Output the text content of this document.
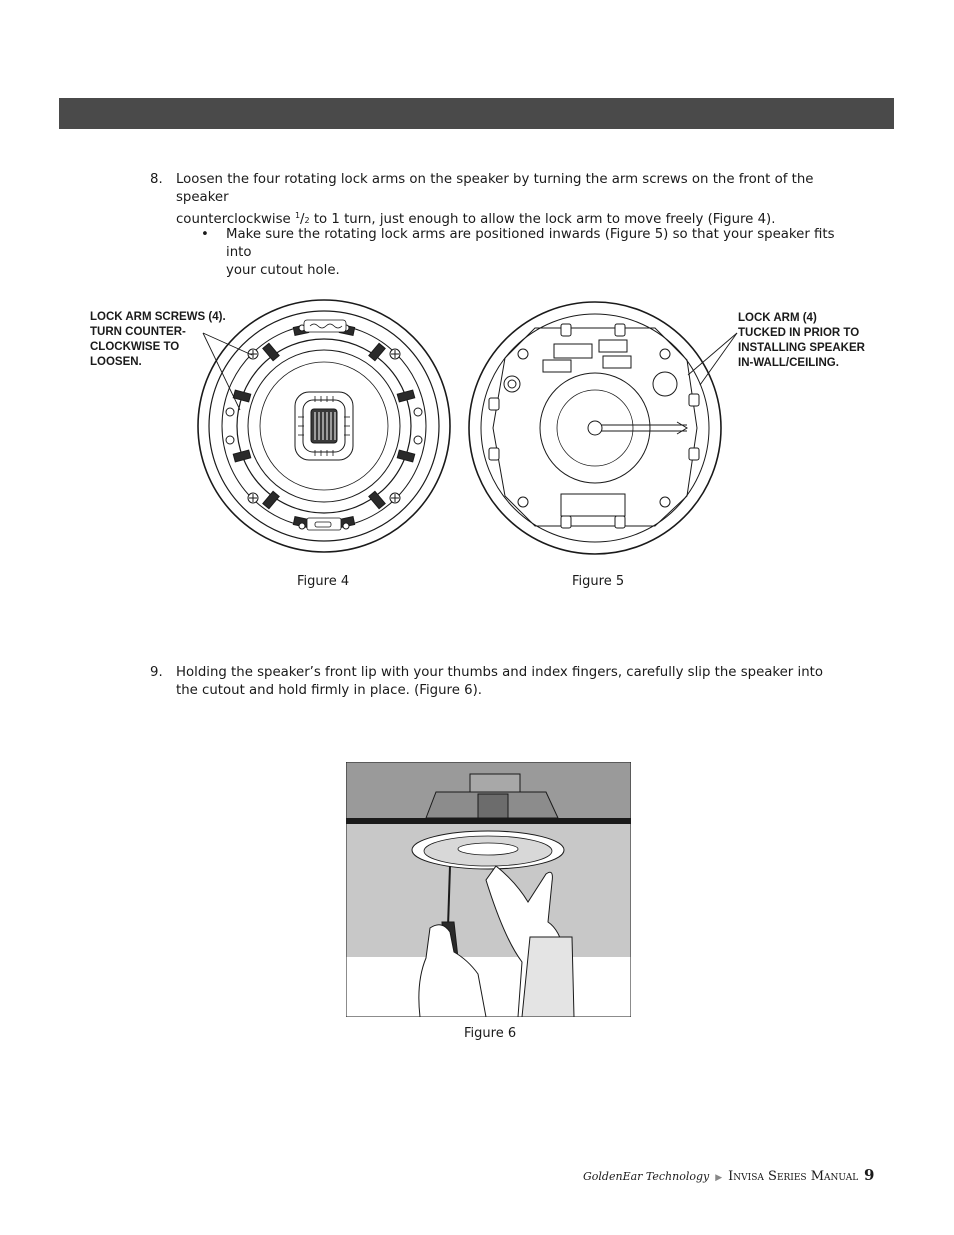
8. Loosen the four rotating lock arms on the speaker by turning the arm screws on the front of the speaker
counterclockwise $^1$/2 to 1 turn, just enough to allow the lock arm to move freely (Figure 4).
• Make sure the rotating lock arms are positioned inwards (Figure 5) so that your speaker fits into
your cutout hole.
LOCK ARM SCREWS (4).
TURN COUNTER-
CLOCKWISE TO
LOOSEN.
LOCK ARM (4)
TUCKED IN PRIOR TO
INSTALLING SPEAKER
IN-WALL/CEILING.
Figure 4	Figure 5
9. Holding the speaker’s front lip with your thumbs and index fingers, carefully slip the speaker into
the cutout and hold firmly in place. (Figure 6).
Figure 6
GoldenEar Technology ▶ Invisa Series Manual 9
